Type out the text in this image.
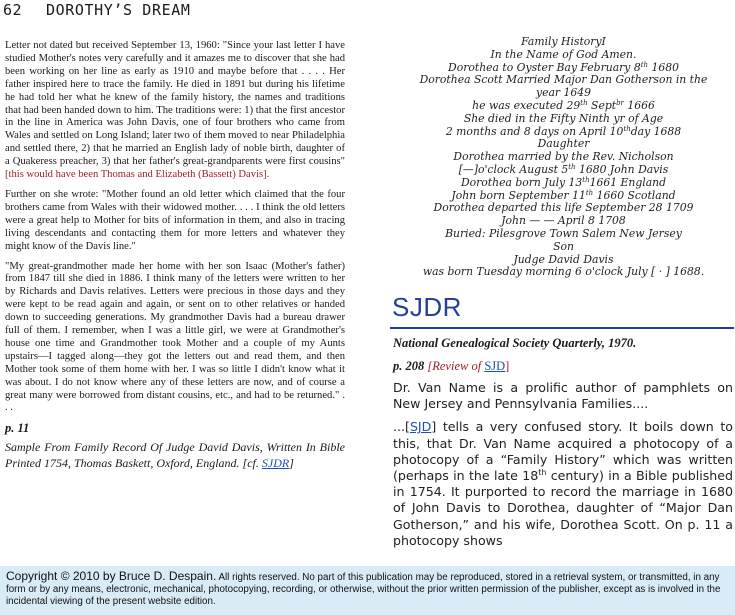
62 DOROTHY’S DREAM

Letter not dated but received September 13, 1960: "Since your last letter I have studied Mother's notes very carefully and it amazes me to discover that she had been working on her line as early as 1910 and maybe before that . . . . Her father inspired here to trace the family. He died in 1891 but during his lifetime he had told her what he knew of the family history, the names and traditions that had been handed down to him. The traditions were: 1) that the first ancestor in the line in America was John Davis, one of four brothers who came from Wales and settled on Long Island; later two of them moved to near Philadelphia and settled there, 2) that he married an English lady of noble birth, daughter of a Quakeress preacher, 3) that her father's great-grandparents were first cousins" [this would have been Thomas and Elizabeth (Bassett) Davis].

Further on she wrote: "Mother found an old letter which claimed that the four brothers came from Wales with their widowed mother. . . . I think the old letters were a great help to Mother for bits of information in them, and also in tracing living descendants and contacting them for more letters and whatever they might know of the Davis line."

"My great-grandmother made her home with her son Isaac (Mother's father) from 1847 till she died in 1886. I think many of the letters were written to her by Richards and Davis relatives. Letters were precious in those days and they were kept to be read again and again, or sent on to other relatives or handed down to succeeding generations. My grandmother Davis had a bureau drawer full of them. I remember, when I was a little girl, we were at Grandmother's house one time and Grandmother took Mother and a couple of my Aunts upstairs—I tagged along—they got the letters out and read them, and then Mother took some of them home with her. I was so little I didn't know what it was about. I do not know where any of these letters are now, and of course a great many were borrowed from distant cousins, etc., and had to be returned." . . .

p. 11
Sample From Family Record Of Judge David Davis, Written In Bible Printed 1754, Thomas Baskett, Oxford, England. [cf. SJDR]
Family HistoryI
In the Name of God Amen.
Dorothea to Oyster Bay February 8th 1680
Dorothea Scott Married Major Dan Gotherson in the
year 1649
he was executed 29th Sept$^{br}$ 1666
She died in the Fifty Ninth yr of Age
2 months and 8 days on April 10thday 1688
Daughter
Dorothea married by the Rev. Nicholson
[—]o'clock August 5th 1680 John Davis
Dorothea born July 13th1661 England
John born September 11th 1660 Scotland
Dorothea departed this life September 28 1709
John — — April 8 1708
Buried: Pilesgrove Town Salem New Jersey
Son
Judge David Davis
was born Tuesday morning 6 o'clock July [ · ] 1688.
SJDR

National Genealogical Society Quarterly, 1970.

p. 208 [Review of SJD]

Dr. Van Name is a prolific author of pamphlets on New Jersey and Pennsylvania Families....

...[SJD] tells a very confused story. It boils down to this, that Dr. Van Name acquired a photocopy of a photocopy of a “Family History” which was written (perhaps in the late 18th century) in a Bible published in 1754. It purported to record the marriage in 1680 of John Davis to Dorothea, daughter of “Major Dan Gotherson,” and his wife, Dorothea Scott. On p. 11 a photocopy shows

Copyright © 2010 by Bruce D. Despain. All rights reserved. No part of this publication may be reproduced, stored in a retrieval system, or transmitted, in any form or by any means, electronic, mechanical, photocopying, recording, or otherwise, without the prior written permission of the publisher, except as is involved in the incidental viewing of the present website edition.
